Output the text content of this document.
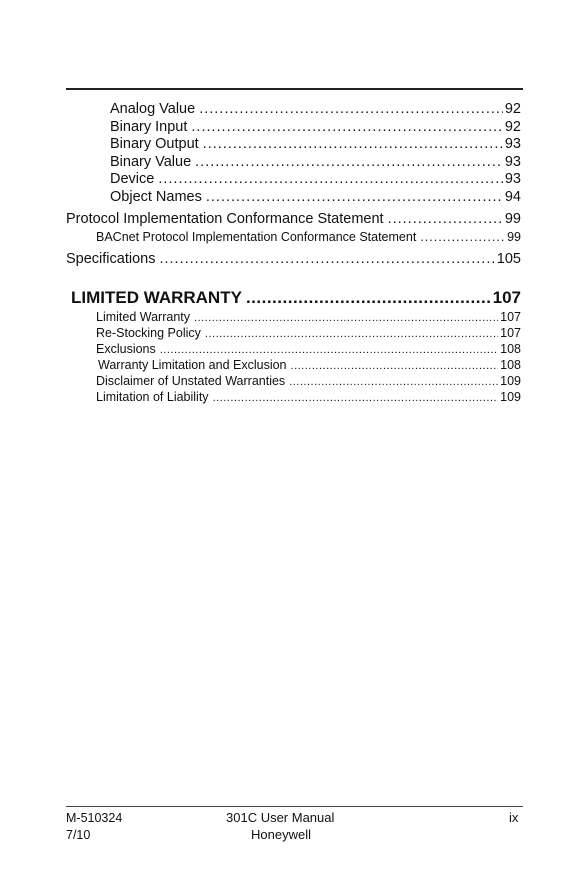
Analog Value .....	92
Binary Input .....	92
Binary Output .....	93
Binary Value .....	93
Device .....	93
Object Names .....	94
Protocol Implementation Conformance Statement .....	99
BACnet Protocol Implementation Conformance Statement .....	99
Specifications .....	105
LIMITED WARRANTY .....	107
Limited Warranty .....	107
Re-Stocking Policy .....	107
Exclusions .....	108
Warranty Limitation and Exclusion .....	108
Disclaimer of Unstated Warranties .....	109
Limitation of Liability .....	109
M-510324
7/10
301C User Manual
Honeywell
ix
